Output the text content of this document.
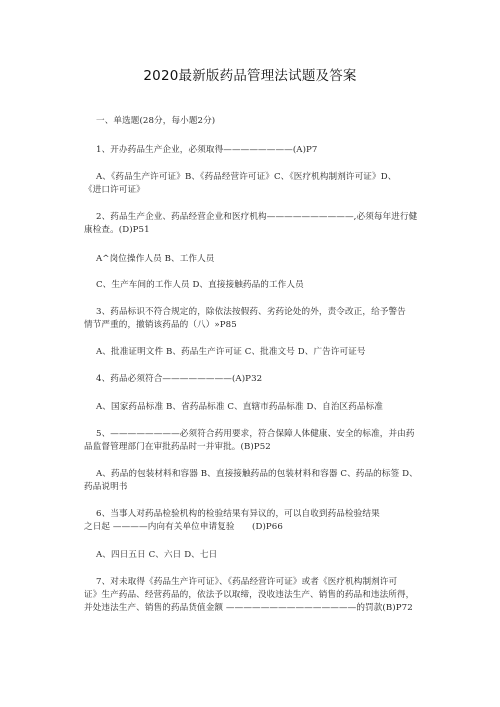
2020最新版药品管理法试题及答案
一、单选题(28分，每小题2分)
1、开办药品生产企业，必须取得————————(A)P7
A、《药品生产许可证》B、《药品经营许可证》C、《医疗机构制剂许可证》D、
《进口许可证》
2、药品生产企业、药品经营企业和医疗机构——————————,必须每年进行健
康检查。(D)P51
A^岗位操作人员 B、工作人员
C、生产车间的工作人员 D、直接接触药品的工作人员
3、药品标识不符合规定的，除依法按假药、劣药论处的外，责令改正，给予警告
情节严重的，撤销该药品的（八）»P85
A、批准证明文件 B、药品生产许可证 C、批准文号 D、广告许可证号
4、药品必须符合————————(A)P32
A、国家药品标准 B、省药品标准 C、直辖市药品标准 D、自治区药品标准
5、————————必须符合药用要求，符合保障人体健康、安全的标准，并由药
品监督管理部门在审批药品时一并审批。(B)P52
A、药品的包装材料和容器 B、直接接触药品的包装材料和容器 C、药品的标签 D、
药品说明书
6、当事人对药品检验机构的检验结果有异议的，可以自收到药品检验结果
之日起 ————内向有关单位申请复验　　(D)P66
A、四日五日 C、六日 D、七日
7、对未取得《药品生产许可证》、《药品经营许可证》或者《医疗机构制剂许可
证》生产药品、经营药品的，依法予以取缔，没收违法生产、销售的药品和违法所得，
并处违法生产、销售的药品货值金额 ———————————————的罚款(B)P72
